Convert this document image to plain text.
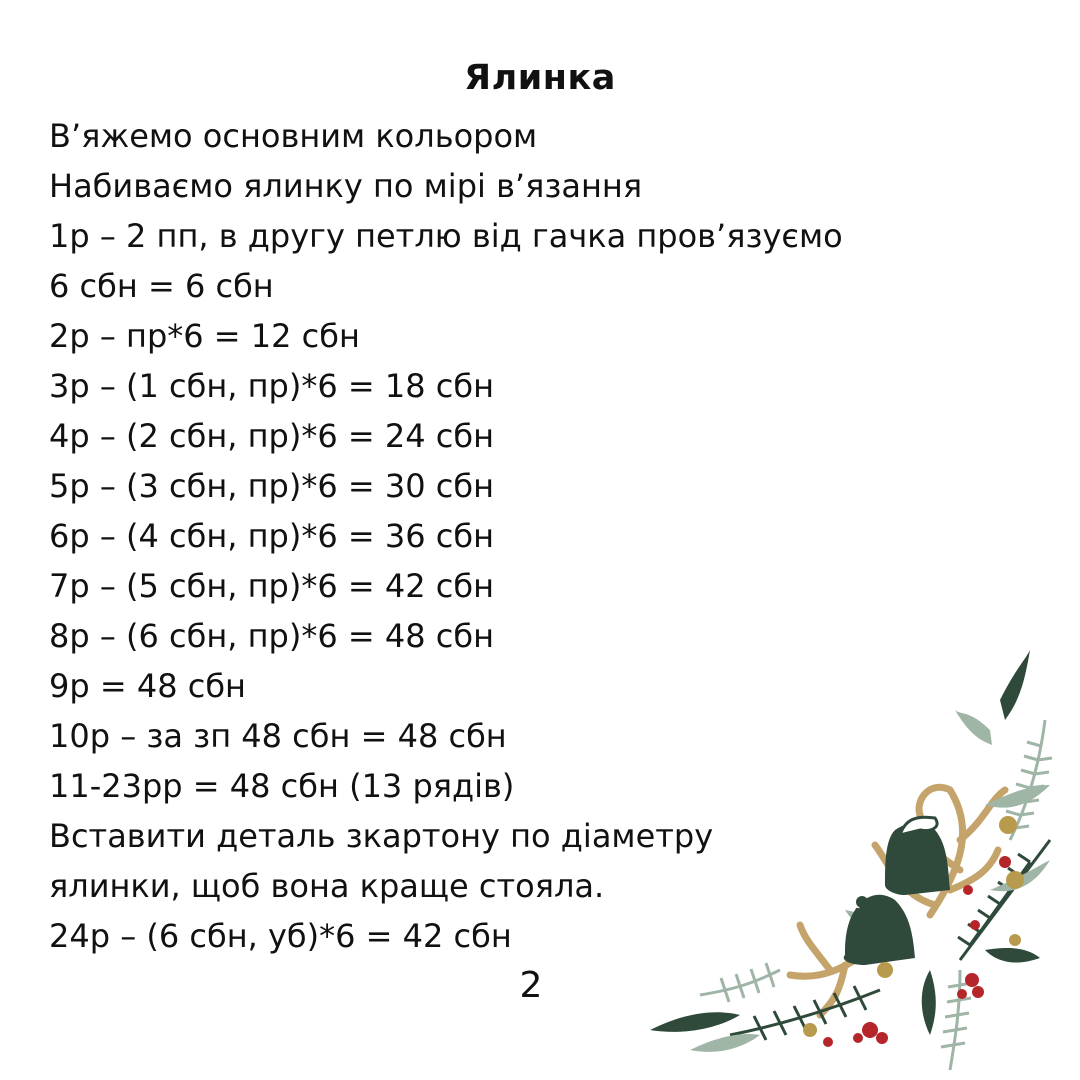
Ялинка
В’яжемо основним кольором
Набиваємо ялинку по мірі в’язання
1р – 2 пп, в другу петлю від гачка пров’язуємо
6 сбн = 6 сбн
2р – пр*6 = 12 сбн
3р – (1 сбн, пр)*6 = 18 сбн
4р – (2 сбн, пр)*6 = 24 сбн
5р – (3 сбн, пр)*6 = 30 сбн
6р – (4 сбн, пр)*6 = 36 сбн
7р – (5 сбн, пр)*6 = 42 сбн
8р – (6 сбн, пр)*6 = 48 сбн
9р = 48 сбн
10р – за зп 48 сбн = 48 сбн
11-23рр = 48 сбн (13 рядів)
Вставити деталь зкартону по діаметру
ялинки, щоб вона краще стояла.
24р – (6 сбн, уб)*6 = 42 сбн
2
